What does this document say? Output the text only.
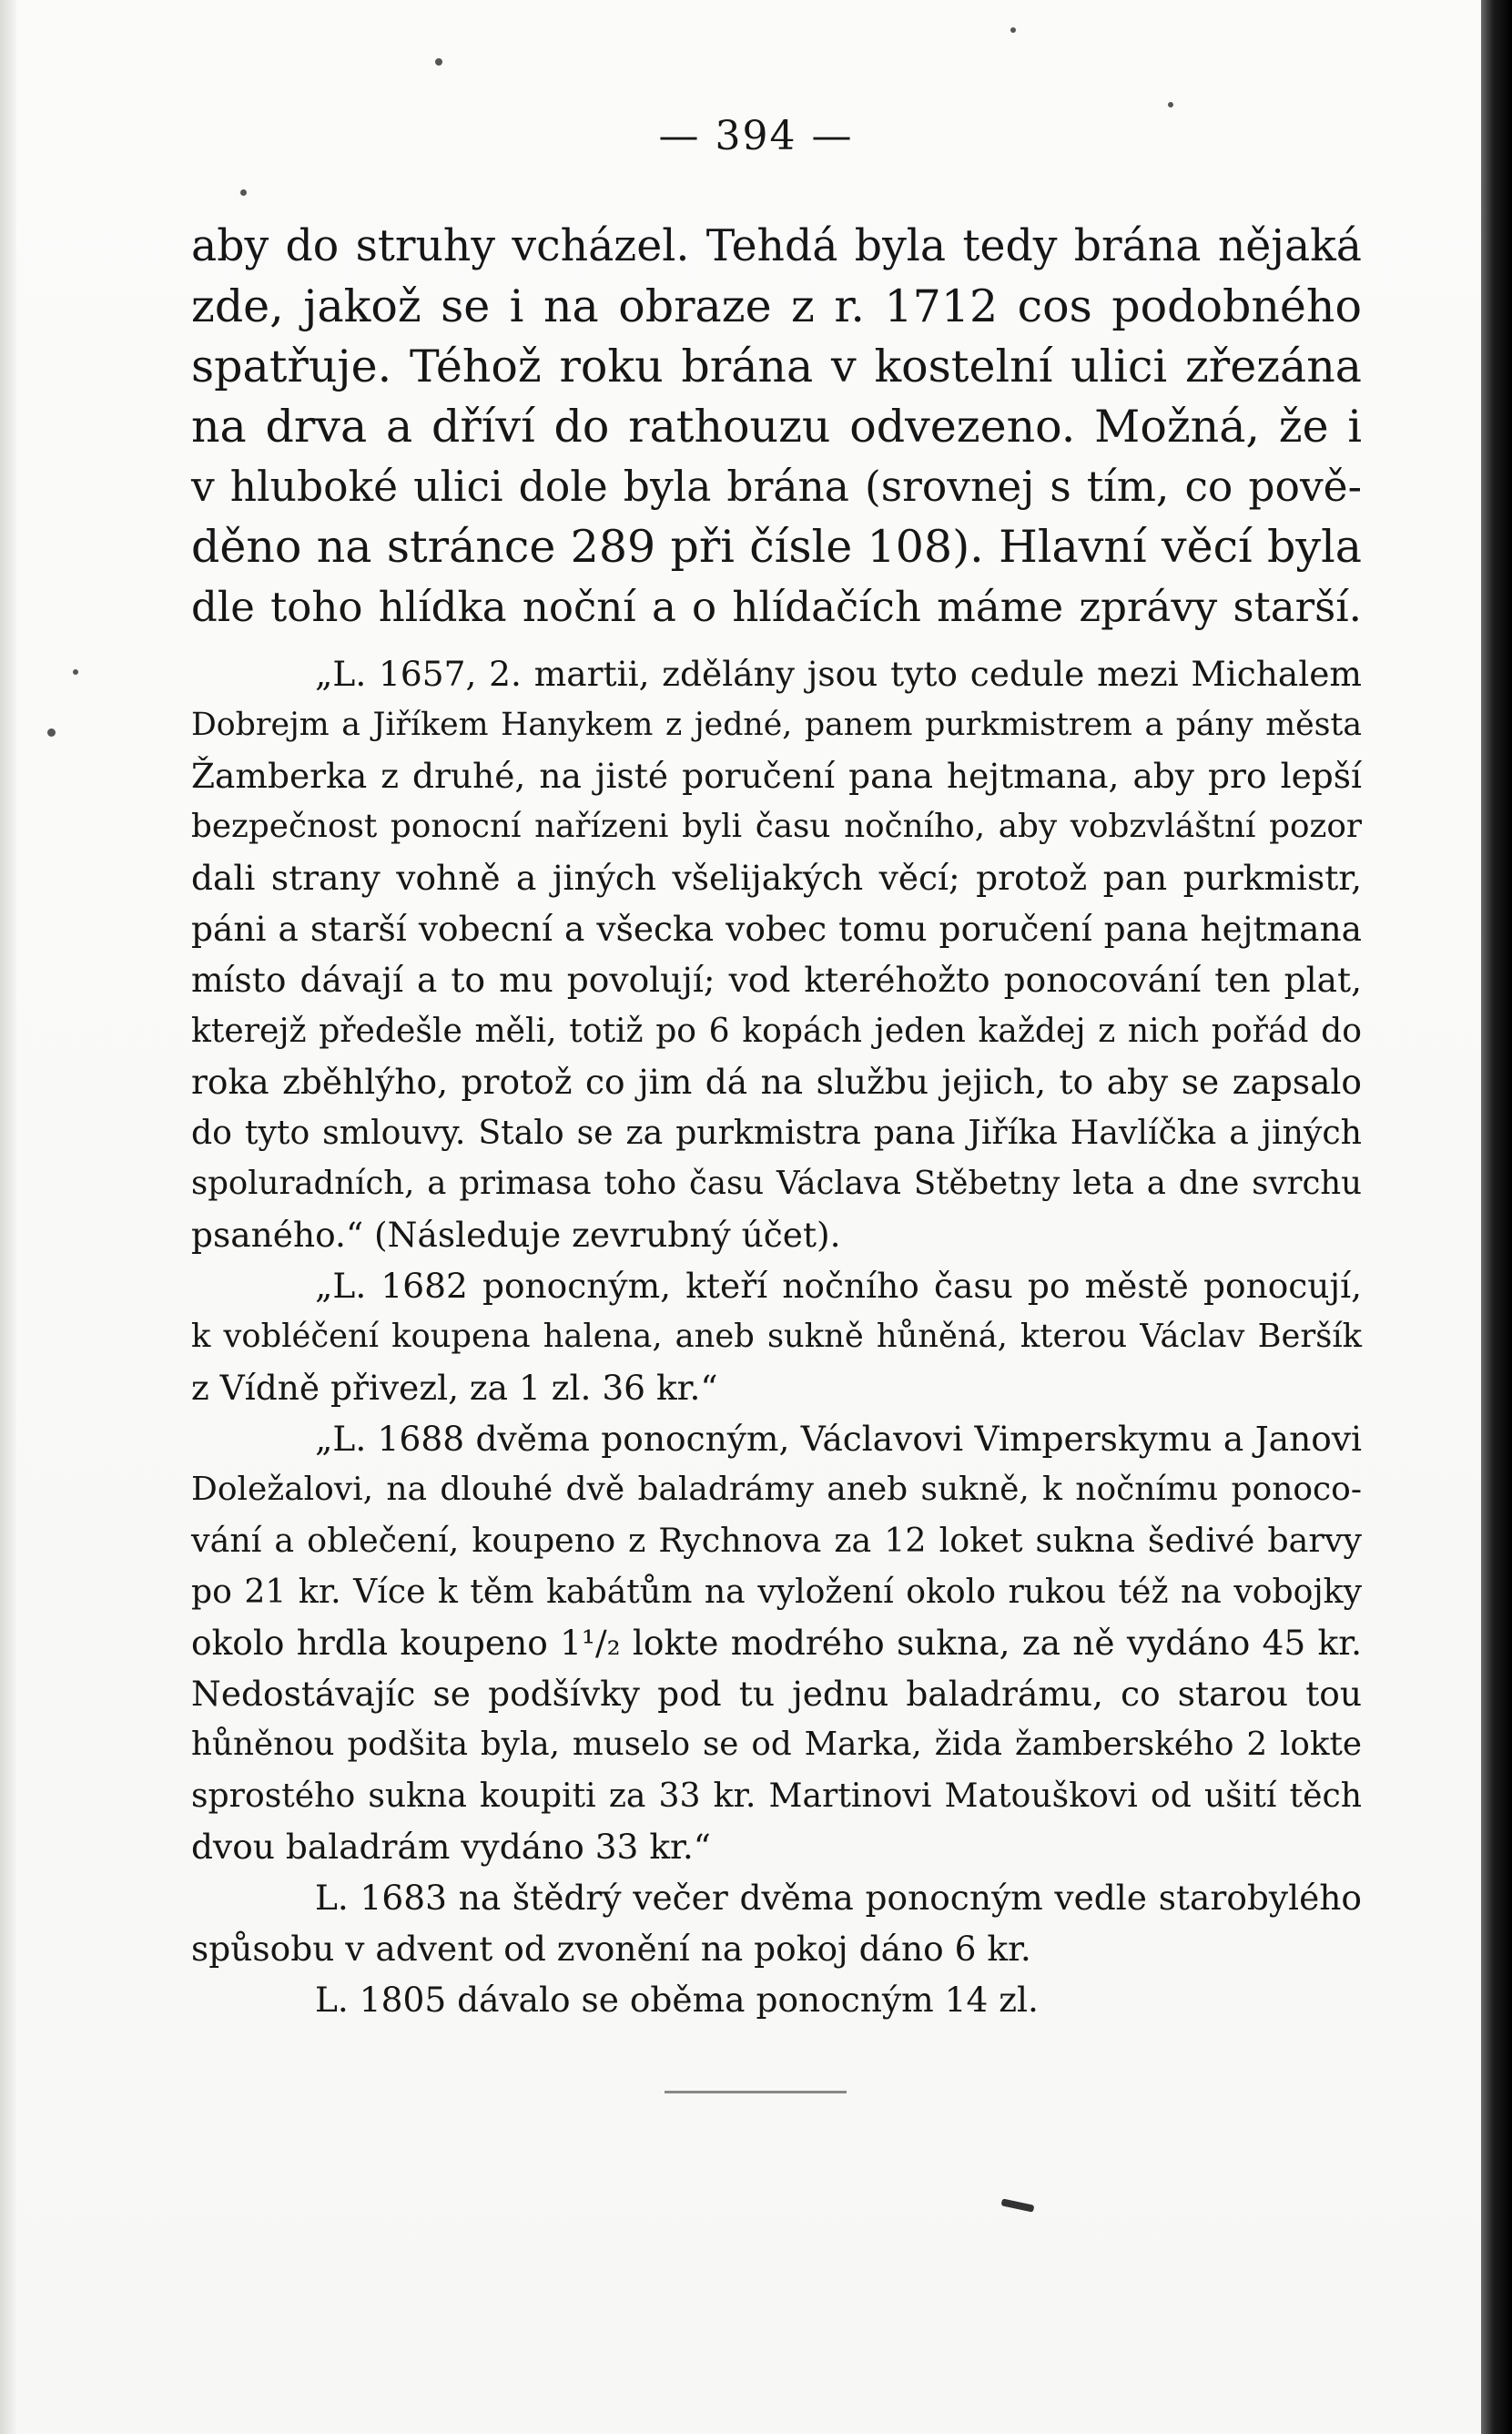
— 394 —
aby do struhy vcházel. Tehdá byla tedy brána nějaká
zde, jakož se i na obraze z r. 1712 cos podobného
spatřuje. Téhož roku brána v kostelní ulici zřezána
na drva a dříví do rathouzu odvezeno. Možná, že i
v hluboké ulici dole byla brána (srovnej s tím, co pově-
děno na stránce 289 při čísle 108). Hlavní věcí byla
dle toho hlídka noční a o hlídačích máme zprávy starší.
„L. 1657, 2. martii, zdělány jsou tyto cedule mezi Michalem
Dobrejm a Jiříkem Hanykem z jedné, panem purkmistrem a pány města
Žamberka z druhé, na jisté poručení pana hejtmana, aby pro lepší
bezpečnost ponocní nařízeni byli času nočního, aby vobzvláštní pozor
dali strany vohně a jiných všelijakých věcí; protož pan purkmistr,
páni a starší vobecní a všecka vobec tomu poručení pana hejtmana
místo dávají a to mu povolují; vod kteréhožto ponocování ten plat,
kterejž předešle měli, totiž po 6 kopách jeden každej z nich pořád do
roka zběhlýho, protož co jim dá na službu jejich, to aby se zapsalo
do tyto smlouvy. Stalo se za purkmistra pana Jiříka Havlíčka a jiných
spoluradních, a primasa toho času Václava Stěbetny leta a dne svrchu
psaného.“ (Následuje zevrubný účet).
„L. 1682 ponocným, kteří nočního času po městě ponocují,
k vobléčení koupena halena, aneb sukně hůněná, kterou Václav Beršík
z Vídně přivezl, za 1 zl. 36 kr.“
„L. 1688 dvěma ponocným, Václavovi Vimperskymu a Janovi
Doležalovi, na dlouhé dvě baladrámy aneb sukně, k nočnímu ponoco-
vání a oblečení, koupeno z Rychnova za 12 loket sukna šedivé barvy
po 21 kr. Více k těm kabátům na vyložení okolo rukou též na vobojky
okolo hrdla koupeno 1¹/₂ lokte modrého sukna, za ně vydáno 45 kr.
Nedostávajíc se podšívky pod tu jednu baladrámu, co starou tou
hůněnou podšita byla, muselo se od Marka, žida žamberského 2 lokte
sprostého sukna koupiti za 33 kr. Martinovi Matouškovi od ušití těch
dvou baladrám vydáno 33 kr.“
L. 1683 na štědrý večer dvěma ponocným vedle starobylého
spůsobu v advent od zvonění na pokoj dáno 6 kr.
L. 1805 dávalo se oběma ponocným 14 zl.
